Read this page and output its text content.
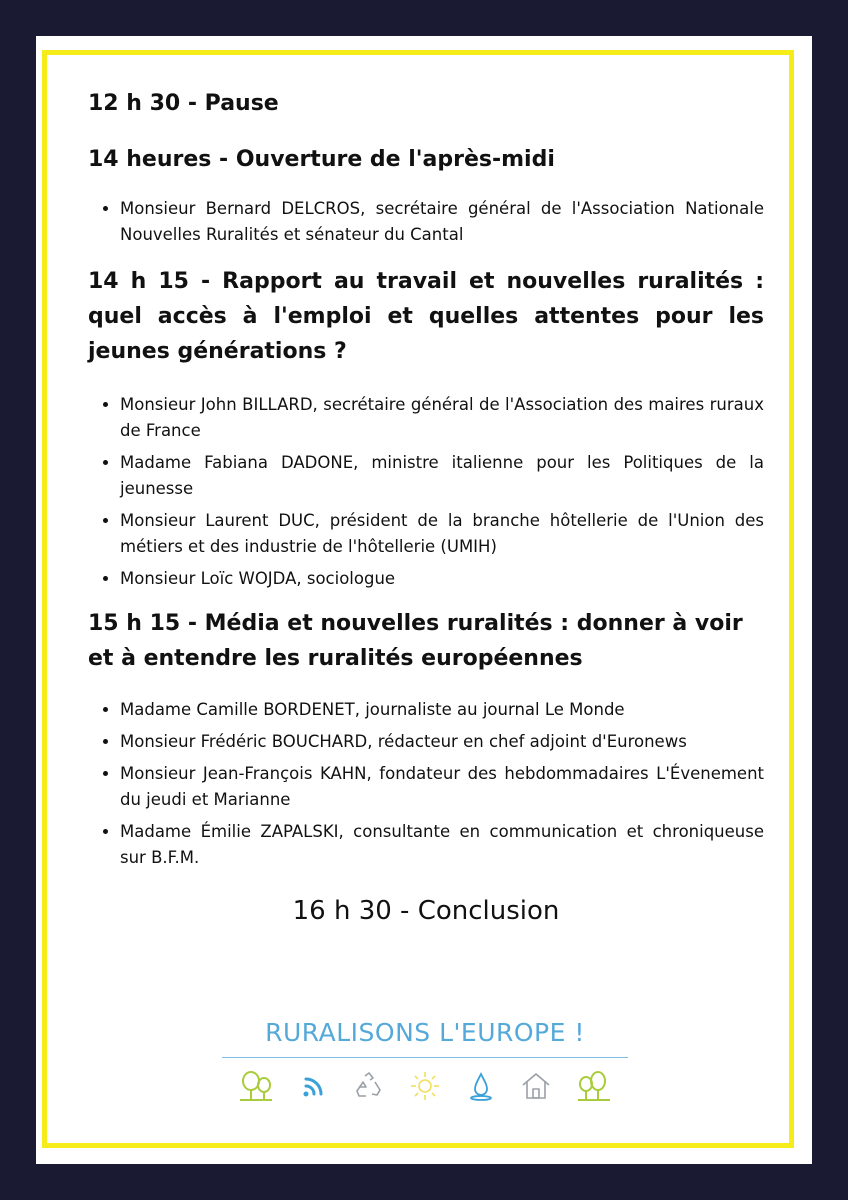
12 h 30 - Pause
14 heures - Ouverture de l'après-midi
Monsieur Bernard DELCROS, secrétaire général de l'Association Nationale Nouvelles Ruralités et sénateur du Cantal
14 h 15 - Rapport au travail et nouvelles ruralités : quel accès à l'emploi et quelles attentes pour les jeunes générations ?
Monsieur John BILLARD, secrétaire général de l'Association des maires ruraux de France
Madame Fabiana DADONE, ministre italienne pour les Politiques de la jeunesse
Monsieur Laurent DUC, président de la branche hôtellerie de l'Union des métiers et des industrie de l'hôtellerie (UMIH)
Monsieur Loïc WOJDA, sociologue
15 h 15 - Média et nouvelles ruralités : donner à voir et à entendre les ruralités européennes
Madame Camille BORDENET, journaliste au journal Le Monde
Monsieur Frédéric BOUCHARD, rédacteur en chef adjoint d'Euronews
Monsieur Jean-François KAHN, fondateur des hebdommadaires L'Évenement du jeudi et Marianne
Madame Émilie ZAPALSKI, consultante en communication et chroniqueuse sur B.F.M.
16 h 30 - Conclusion
RURALISONS L'EUROPE !
